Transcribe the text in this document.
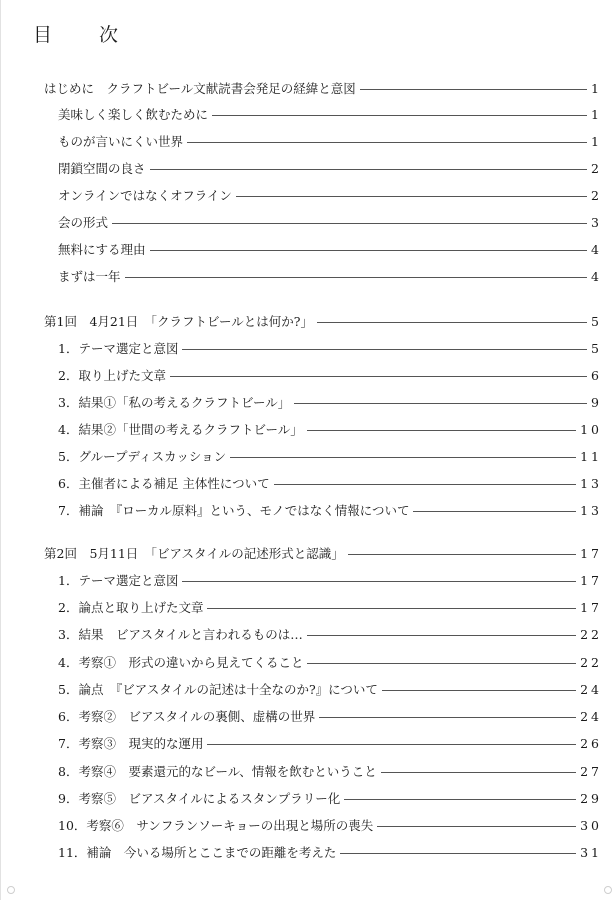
目　次
はじめに　クラフトビール文献読書会発足の経緯と意図	1
美味しく楽しく飲むために	1
ものが言いにくい世界	1
閉鎖空間の良さ	2
オンラインではなくオフライン	2
会の形式	3
無料にする理由	4
まずは一年	4
第1回　4月21日　「クラフトビールとは何か?」	5
1．テーマ選定と意図	5
2．取り上げた文章	6
3．結果①「私の考えるクラフトビール」	9
4．結果②「世間の考えるクラフトビール」	10
5．グループディスカッション	11
6．主催者による補足 主体性について	13
7．補論　『ローカル原料』という、モノではなく情報について	13
第2回　5月11日　「ビアスタイルの記述形式と認識」	17
1．テーマ選定と意図	17
2．論点と取り上げた文章	17
3．結果　ビアスタイルと言われるものは…	22
4．考察①　形式の違いから見えてくること	22
5．論点　『ビアスタイルの記述は十全なのか?』について	24
6．考察②　ビアスタイルの裏側、虚構の世界	24
7．考察③　現実的な運用	26
8．考察④　要素還元的なビール、情報を飲むということ	27
9．考察⑤　ビアスタイルによるスタンプラリー化	29
10．考察⑥　サンフランソーキョーの出現と場所の喪失	30
11．補論　今いる場所とここまでの距離を考えた	31
